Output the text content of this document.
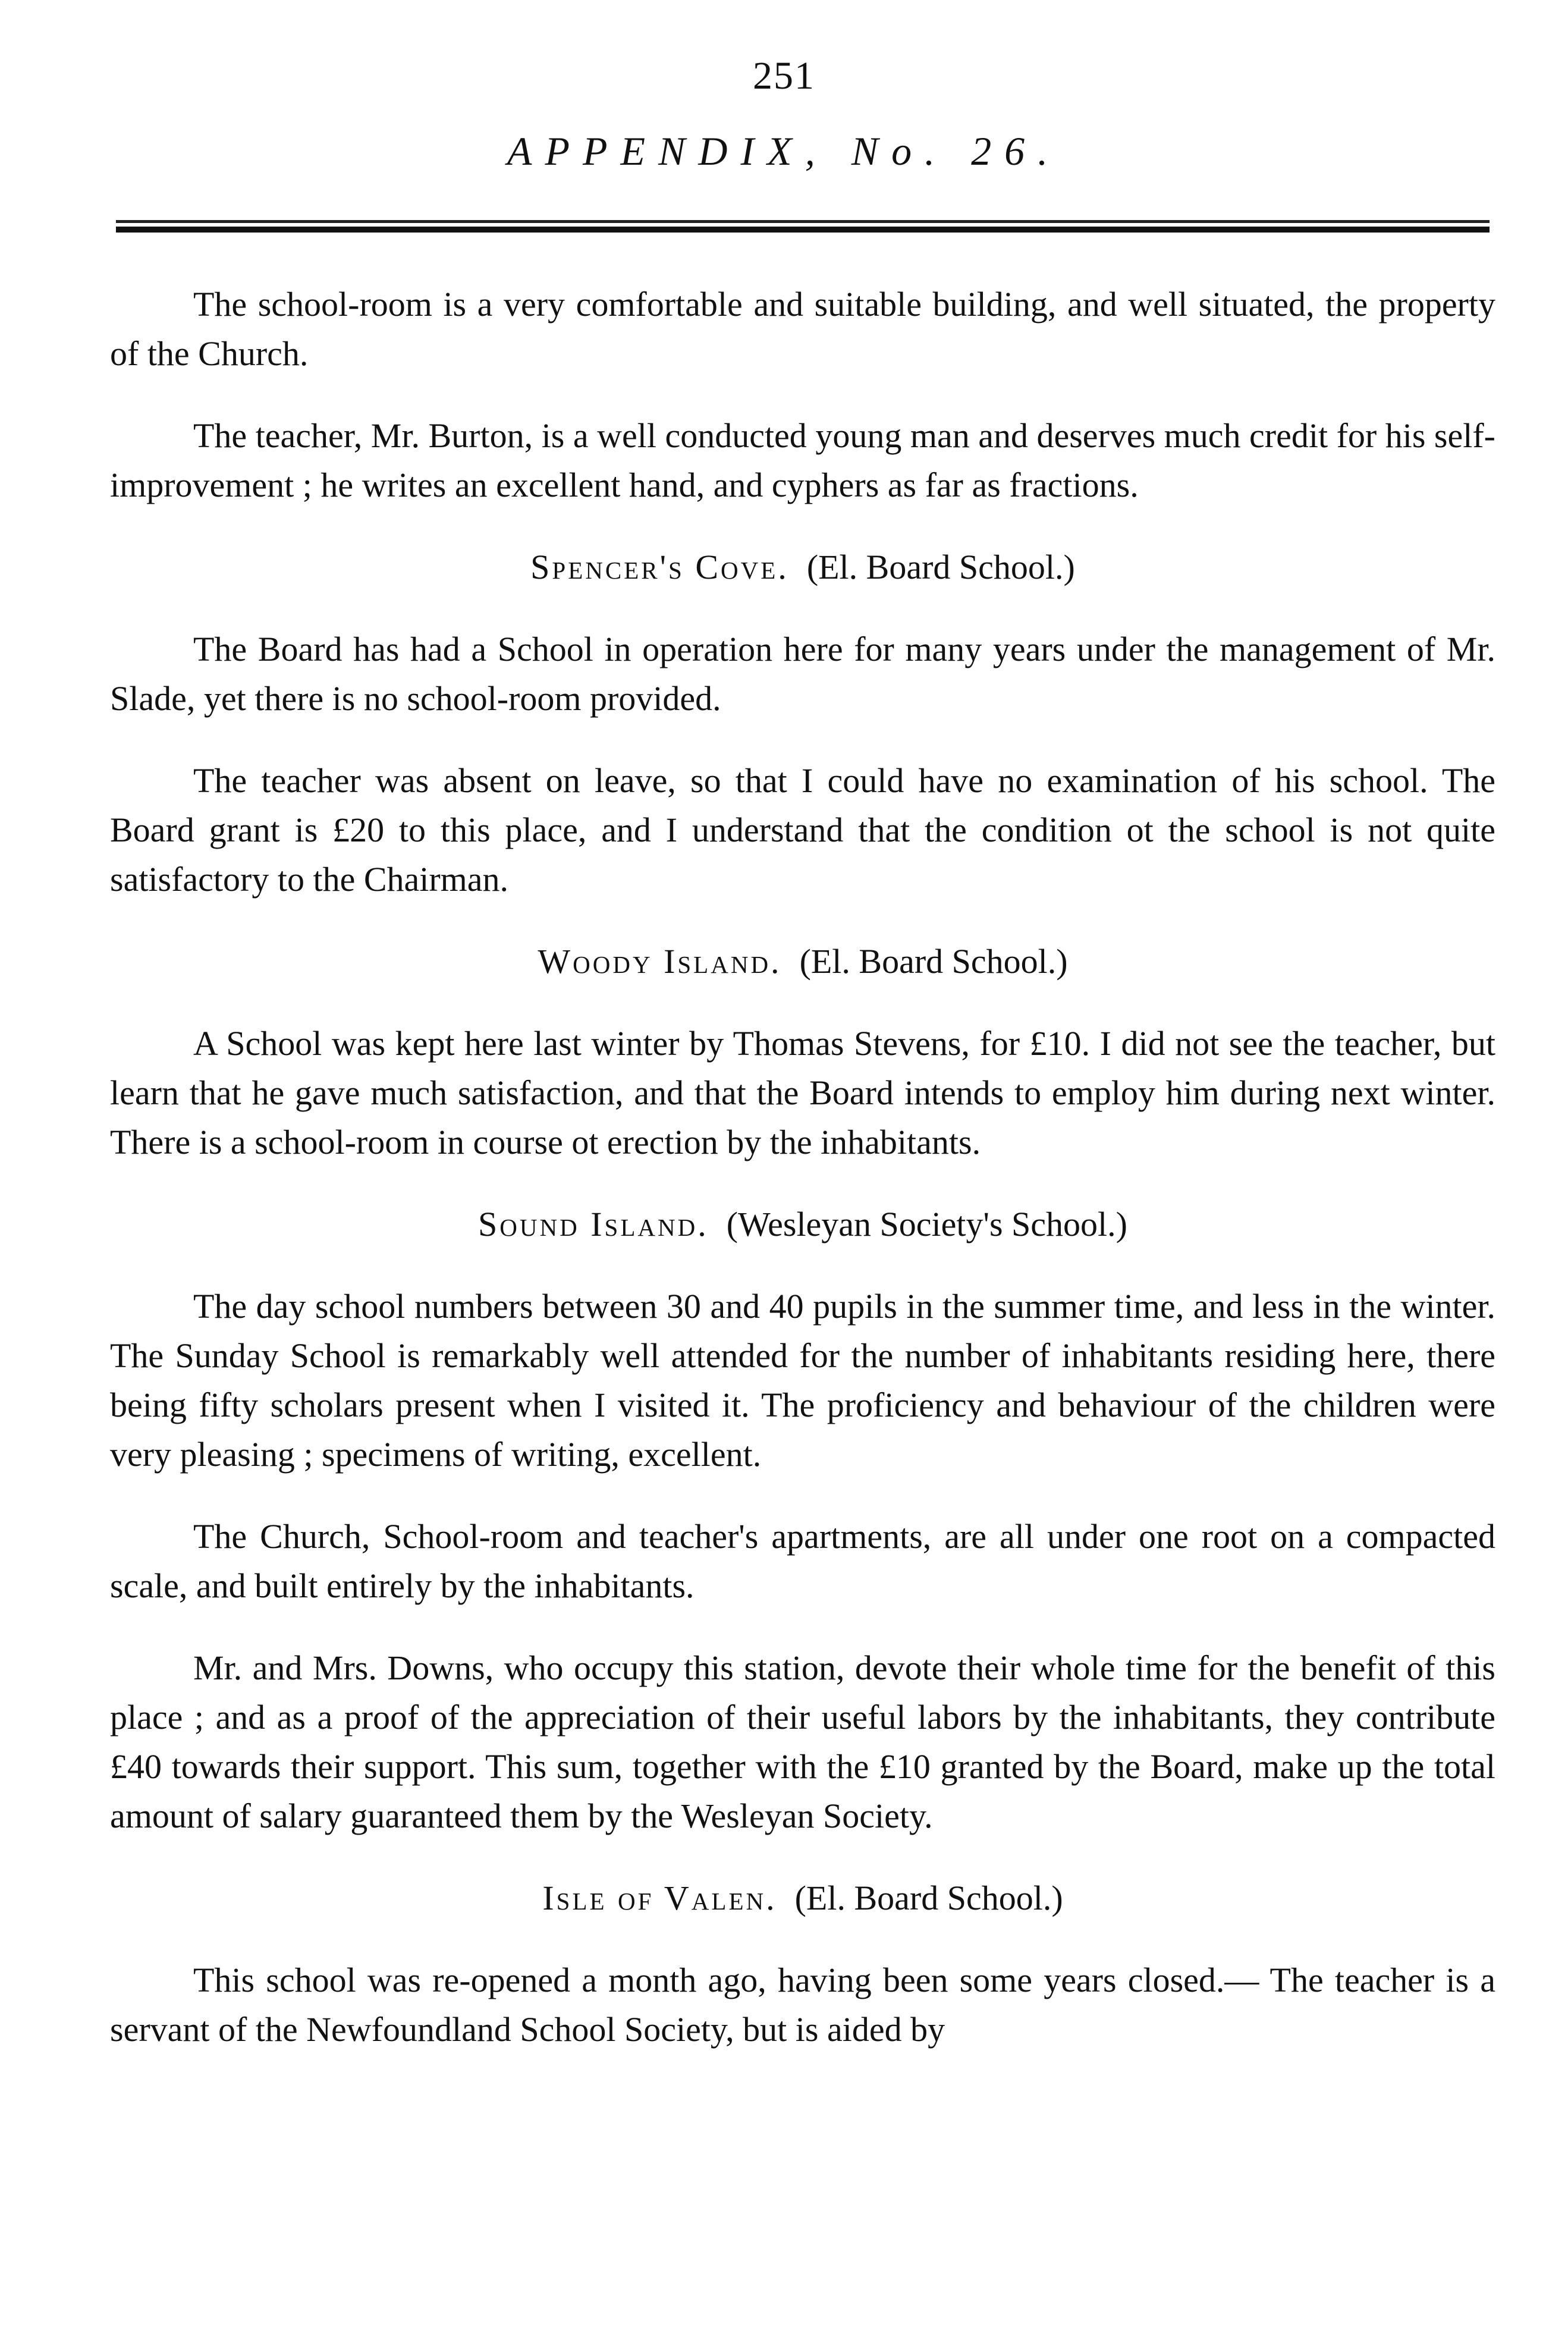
251
APPENDIX, No. 26.

The school-room is a very comfortable and suitable building, and well situated, the property of the Church.

The teacher, Mr. Burton, is a well conducted young man and deserves much credit for his self-improvement ; he writes an excellent hand, and cyphers as far as fractions.

Spencer's Cove. (El. Board School.)

The Board has had a School in operation here for many years under the management of Mr. Slade, yet there is no school-room provided.

The teacher was absent on leave, so that I could have no examination of his school. The Board grant is £20 to this place, and I understand that the condition ot the school is not quite satisfactory to the Chairman.

Woody Island. (El. Board School.)

A School was kept here last winter by Thomas Stevens, for £10. I did not see the teacher, but learn that he gave much satisfaction, and that the Board intends to employ him during next winter. There is a school-room in course ot erection by the inhabitants.

Sound Island. (Wesleyan Society's School.)

The day school numbers between 30 and 40 pupils in the summer time, and less in the winter. The Sunday School is remarkably well attended for the number of inhabitants residing here, there being fifty scholars present when I visited it. The proficiency and behaviour of the children were very pleasing ; specimens of writing, excellent.

The Church, School-room and teacher's apartments, are all under one root on a compacted scale, and built entirely by the inhabitants.

Mr. and Mrs. Downs, who occupy this station, devote their whole time for the benefit of this place ; and as a proof of the appreciation of their useful labors by the inhabitants, they contribute £40 towards their support. This sum, together with the £10 granted by the Board, make up the total amount of salary guaranteed them by the Wesleyan Society.

Isle of Valen. (El. Board School.)

This school was re-opened a month ago, having been some years closed.— The teacher is a servant of the Newfoundland School Society, but is aided by
